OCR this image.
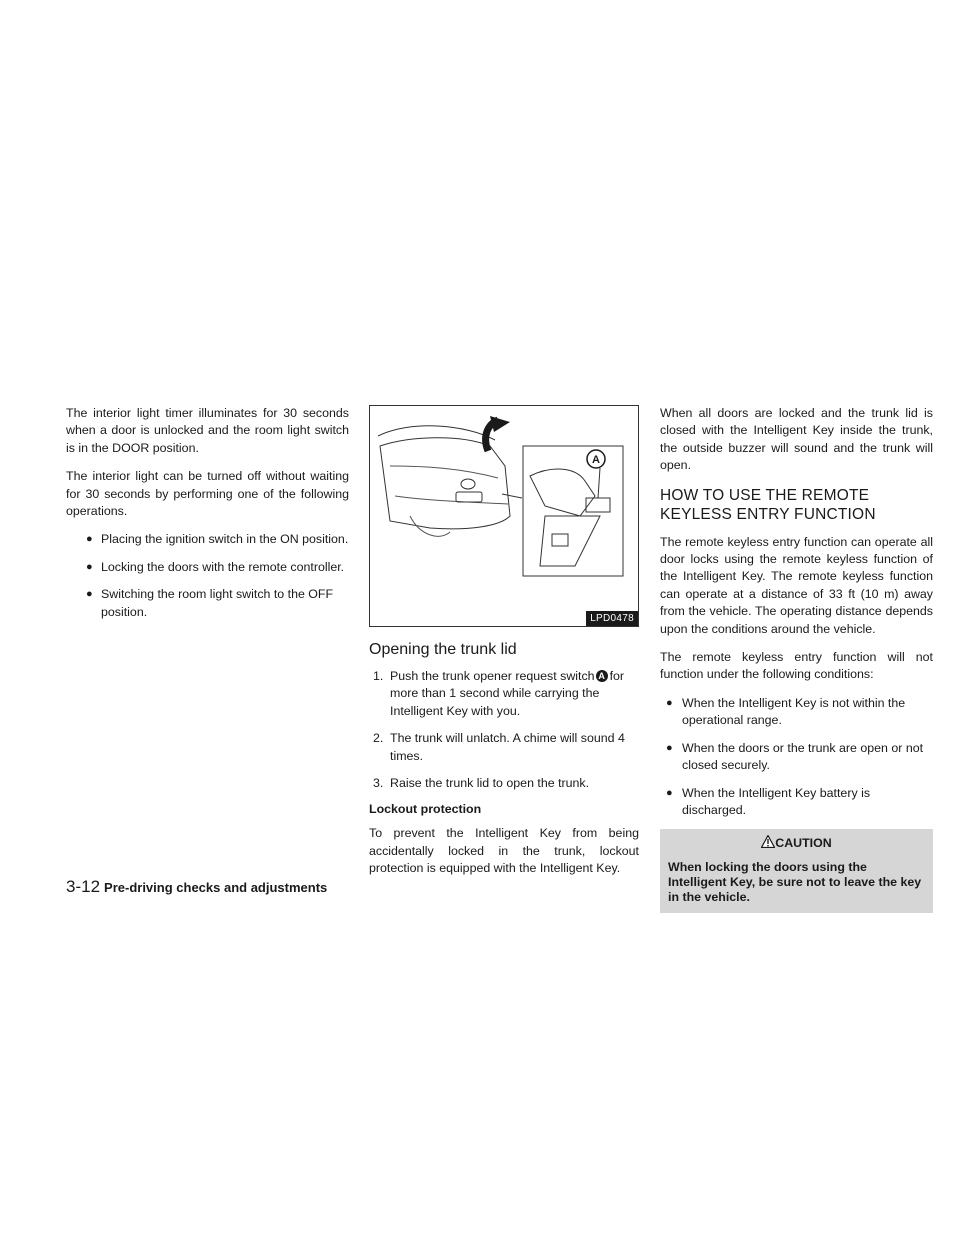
The interior light timer illuminates for 30 seconds when a door is unlocked and the room light switch is in the DOOR position.

The interior light can be turned off without waiting for 30 seconds by performing one of the following operations.

● Placing the ignition switch in the ON position.
● Locking the doors with the remote controller.
● Switching the room light switch to the OFF position.
A
LPD0478
Opening the trunk lid
1. Push the trunk opener request switch A for more than 1 second while carrying the Intelligent Key with you.
2. The trunk will unlatch. A chime will sound 4 times.
3. Raise the trunk lid to open the trunk.
Lockout protection

To prevent the Intelligent Key from being accidentally locked in the trunk, lockout protection is equipped with the Intelligent Key.

When all doors are locked and the trunk lid is closed with the Intelligent Key inside the trunk, the outside buzzer will sound and the trunk will open.

HOW TO USE THE REMOTE KEYLESS ENTRY FUNCTION

The remote keyless entry function can operate all door locks using the remote keyless function of the Intelligent Key. The remote keyless function can operate at a distance of 33 ft (10 m) away from the vehicle. The operating distance depends upon the conditions around the vehicle.

The remote keyless entry function will not function under the following conditions:

● When the Intelligent Key is not within the operational range.
● When the doors or the trunk are open or not closed securely.
● When the Intelligent Key battery is discharged.
CAUTION
When locking the doors using the Intelligent Key, be sure not to leave the key in the vehicle.
3-12 Pre-driving checks and adjustments
